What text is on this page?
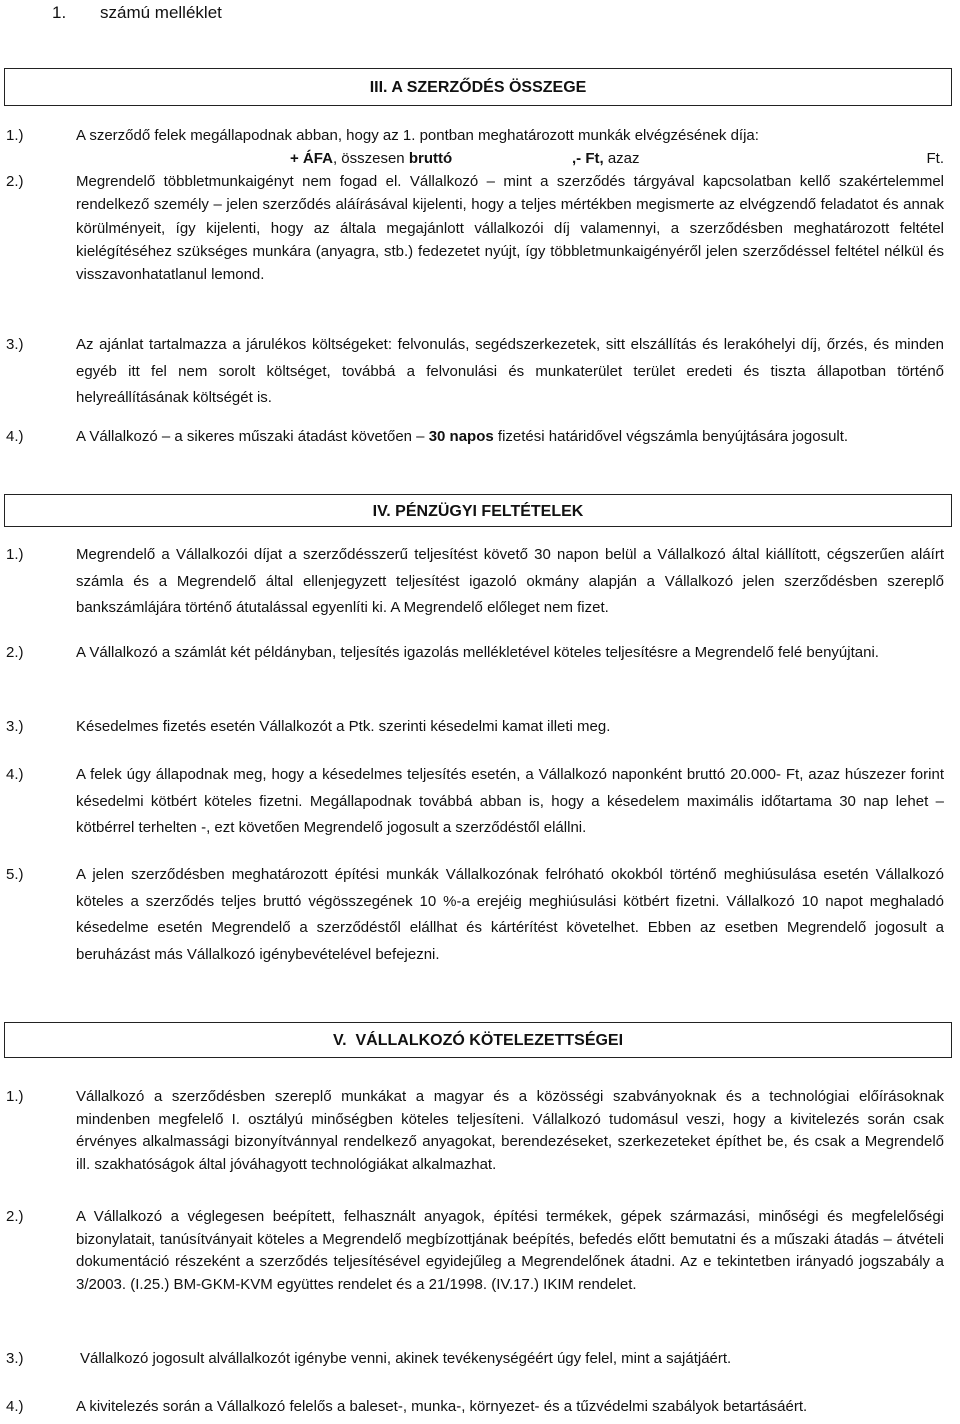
1. számú melléklet
III. A SZERZŐDÉS ÖSSZEGE
1.)	A szerződő felek megállapodnak abban, hogy az 1. pontban meghatározott munkák elvégzésének díja:
+ ÁFA, összesen bruttó	,- Ft, azaz	Ft.
2.)	Megrendelő többletmunkaigényt nem fogad el. Vállalkozó – mint a szerződés tárgyával kapcsolatban kellő szakértelemmel rendelkező személy – jelen szerződés aláírásával kijelenti, hogy a teljes mértékben megismerte az elvégzendő feladatot és annak körülményeit, így kijelenti, hogy az általa megajánlott vállalkozói díj valamennyi, a szerződésben meghatározott feltétel kielégítéséhez szükséges munkára (anyagra, stb.) fedezetet nyújt, így többletmunkaigényéről jelen szerződéssel feltétel nélkül és visszavonhatatlanul lemond.
3.)	Az ajánlat tartalmazza a járulékos költségeket: felvonulás, segédszerkezetek, sitt elszállítás és lerakóhelyi díj, őrzés, és minden egyéb itt fel nem sorolt költséget, továbbá a felvonulási és munkaterület terület eredeti és tiszta állapotban történő helyreállításának költségét is.
4.)	A Vállalkozó – a sikeres műszaki átadást követően – 30 napos fizetési határidővel végszámla benyújtására jogosult.
IV. PÉNZÜGYI FELTÉTELEK
1.)	Megrendelő a Vállalkozói díjat a szerződésszerű teljesítést követő 30 napon belül a Vállalkozó által kiállított, cégszerűen aláírt számla és a Megrendelő által ellenjegyzett teljesítést igazoló okmány alapján a Vállalkozó jelen szerződésben szereplő bankszámlájára történő átutalással egyenlíti ki. A Megrendelő előleget nem fizet.
2.)	A Vállalkozó a számlát két példányban, teljesítés igazolás mellékletével köteles teljesítésre a Megrendelő felé benyújtani.
3.)	Késedelmes fizetés esetén Vállalkozót a Ptk. szerinti késedelmi kamat illeti meg.
4.)	A felek úgy állapodnak meg, hogy a késedelmes teljesítés esetén, a Vállalkozó naponként bruttó 20.000- Ft, azaz húszezer forint késedelmi kötbért köteles fizetni. Megállapodnak továbbá abban is, hogy a késedelem maximális időtartama 30 nap lehet – kötbérrel terhelten -, ezt követően Megrendelő jogosult a szerződéstől elállni.
5.)	A jelen szerződésben meghatározott építési munkák Vállalkozónak felróható okokból történő meghiúsulása esetén Vállalkozó köteles a szerződés teljes bruttó végösszegének 10 %-a erejéig meghiúsulási kötbért fizetni. Vállalkozó 10 napot meghaladó késedelme esetén Megrendelő a szerződéstől elállhat és kártérítést követelhet. Ebben az esetben Megrendelő jogosult a beruházást más Vállalkozó igénybevételével befejezni.
V.  VÁLLALKOZÓ KÖTELEZETTSÉGEI
1.)	Vállalkozó a szerződésben szereplő munkákat a magyar és a közösségi szabványoknak és a technológiai előírásoknak mindenben megfelelő I. osztályú minőségben köteles teljesíteni. Vállalkozó tudomásul veszi, hogy a kivitelezés során csak érvényes alkalmassági bizonyítvánnyal rendelkező anyagokat, berendezéseket, szerkezeteket építhet be, és csak a Megrendelő ill. szakhatóságok által jóváhagyott technológiákat alkalmazhat.
2.)	A Vállalkozó a véglegesen beépített, felhasznált anyagok, építési termékek, gépek származási, minőségi és megfelelőségi bizonylatait, tanúsítványait köteles a Megrendelő megbízottjának beépítés, befedés előtt bemutatni és a műszaki átadás – átvételi dokumentáció részeként a szerződés teljesítésével egyidejűleg a Megrendelőnek átadni. Az e tekintetben irányadó jogszabály a 3/2003. (I.25.) BM-GKM-KVM együttes rendelet és a 21/1998. (IV.17.) IKIM rendelet.
3.)	Vállalkozó jogosult alvállalkozót igénybe venni, akinek tevékenységéért úgy felel, mint a sajátjáért.
4.)	A kivitelezés során a Vállalkozó felelős a baleset-, munka-, környezet- és a tűzvédelmi szabályok betartásáért.
